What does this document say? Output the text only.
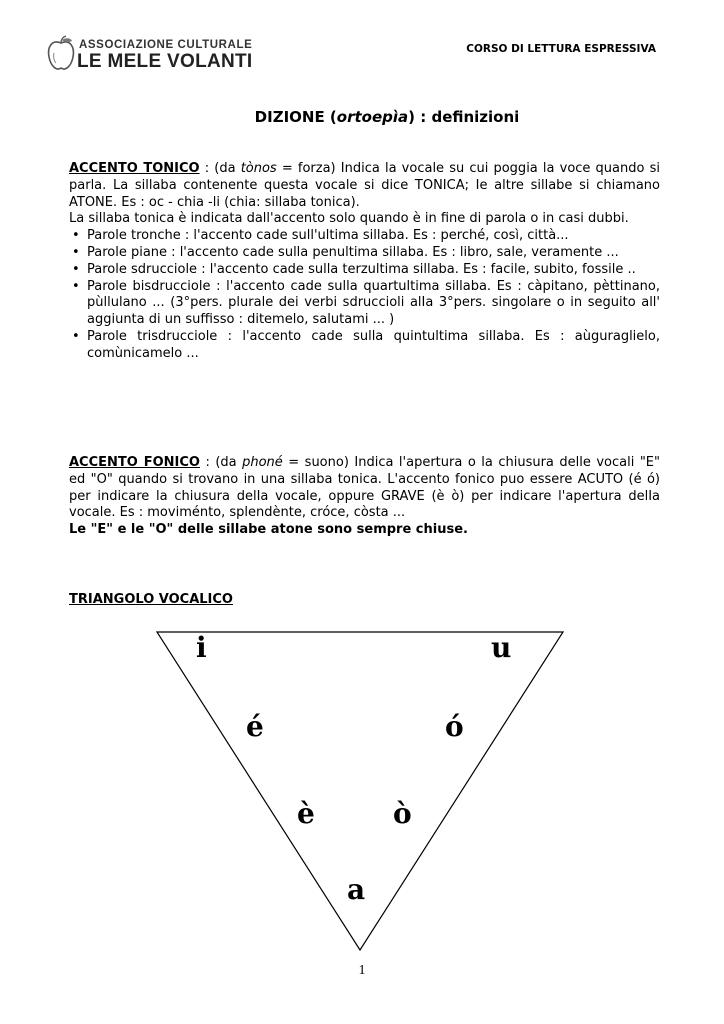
ASSOCIAZIONE CULTURALE
LE MELE VOLANTI
CORSO DI LETTURA ESPRESSIVA
DIZIONE (ortoepìa) : definizioni

ACCENTO TONICO : (da tònos = forza) Indica la vocale su cui poggia la voce quando si parla. La sillaba contenente questa vocale si dice TONICA; Ie altre sillabe si chiamano ATONE. Es : oc - chia -li (chia: sillaba tonica).

La sillaba tonica è indicata dall'accento solo quando è in fine di parola o in casi dubbi.

• Parole tronche : l'accento cade sull'ultima sillaba. Es : perché, così, città...
• Parole piane : l'accento cade sulla penultima sillaba. Es : libro, sale, veramente ...
• Parole sdrucciole : l'accento cade sulla terzultima sillaba. Es : facile, subito, fossile ..
• Parole bisdrucciole : l'accento cade sulla quartultima sillaba. Es : càpitano, pèttinano, pùllulano ... (3°pers. plurale dei verbi sdruccioli alIa 3°pers. singolare o in seguito all' aggiunta di un suffisso : ditemelo, salutami ... )
• Parole trisdrucciole : l'accento cade sulla quintultima sillaba. Es : aùguraglielo, comùnicamelo ...

ACCENTO FONICO : (da phoné = suono) Indica l'apertura o la chiusura delle vocali "E" ed "O" quando si trovano in una sillaba tonica. L'accento fonico puo essere ACUTO (é ó) per indicare la chiusura delIa vocale, oppure GRAVE (è ò) per indicare l'apertura delIa vocale. Es : moviménto, splendènte, cróce, còsta ...

Le "E" e le "O" delle sillabe atone sono sempre chiuse.

TRIANGOLO VOCALICO
i	u
é	ó
è	ò
a
1
